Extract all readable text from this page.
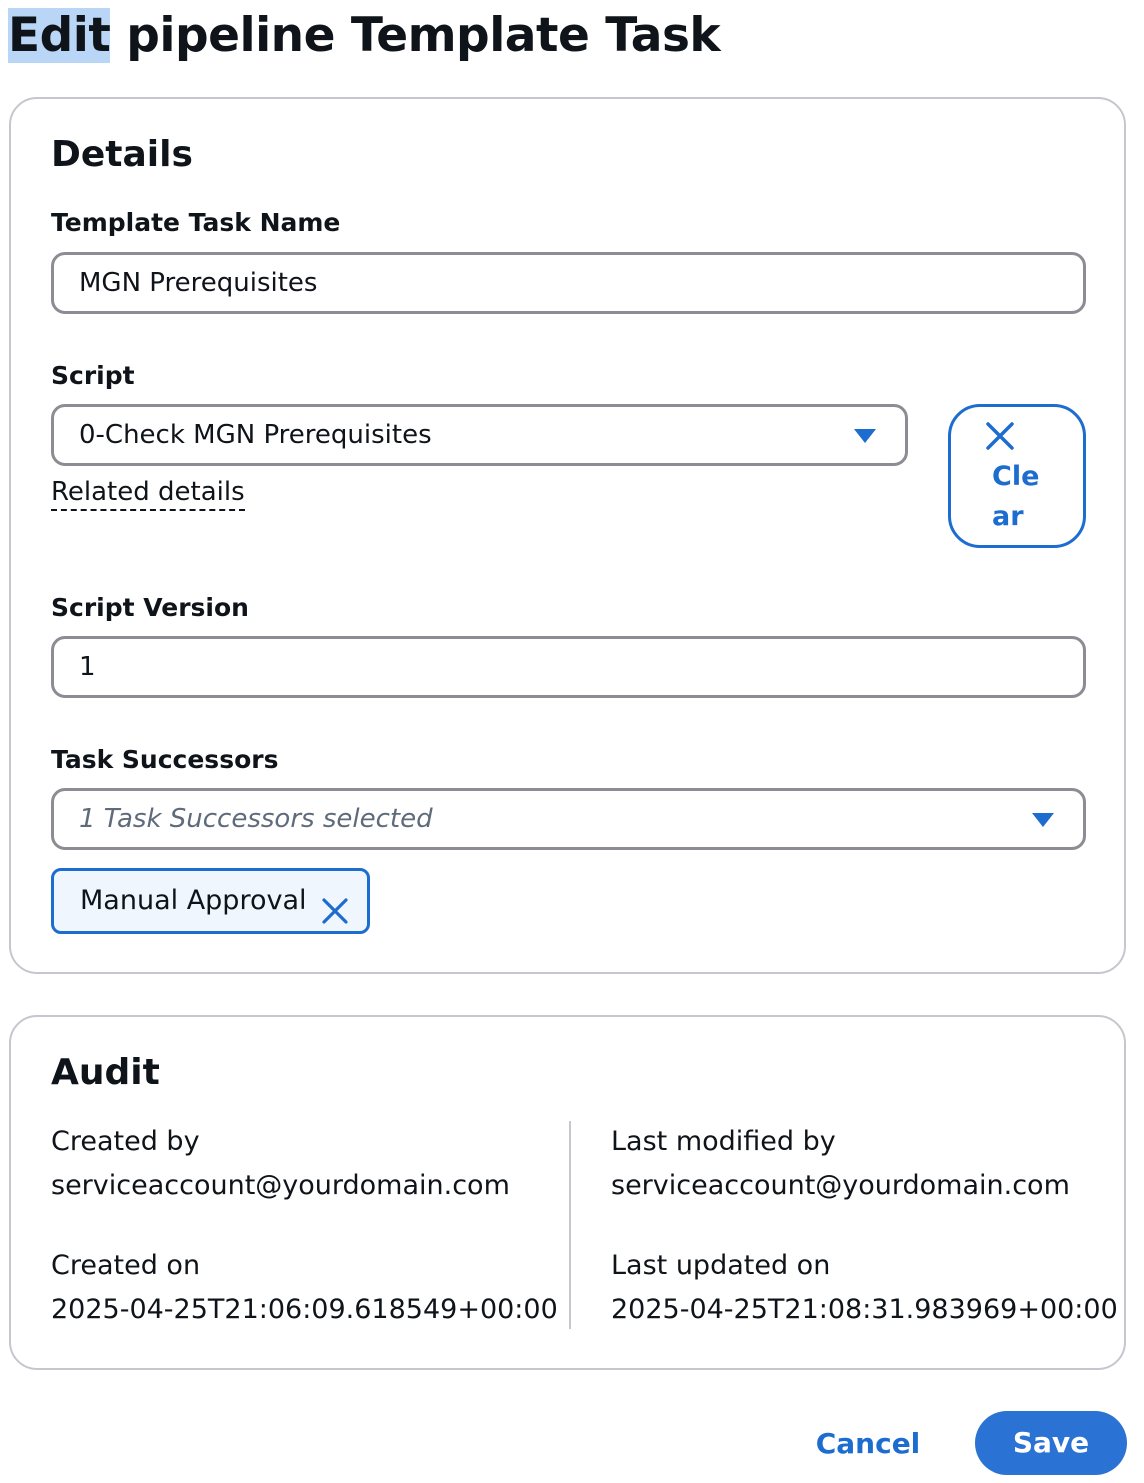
Edit pipeline Template Task
Details
Template Task Name
MGN Prerequisites
Script
0-Check MGN Prerequisites
Related details	Clear
Script Version
1
Task Successors
1 Task Successors selected
Manual Approval
Audit
Created by
serviceaccount@yourdomain.com
Created on
2025-04-25T21:06:09.618549+00:00
Last modified by
serviceaccount@yourdomain.com
Last updated on
2025-04-25T21:08:31.983969+00:00
Cancel	Save
